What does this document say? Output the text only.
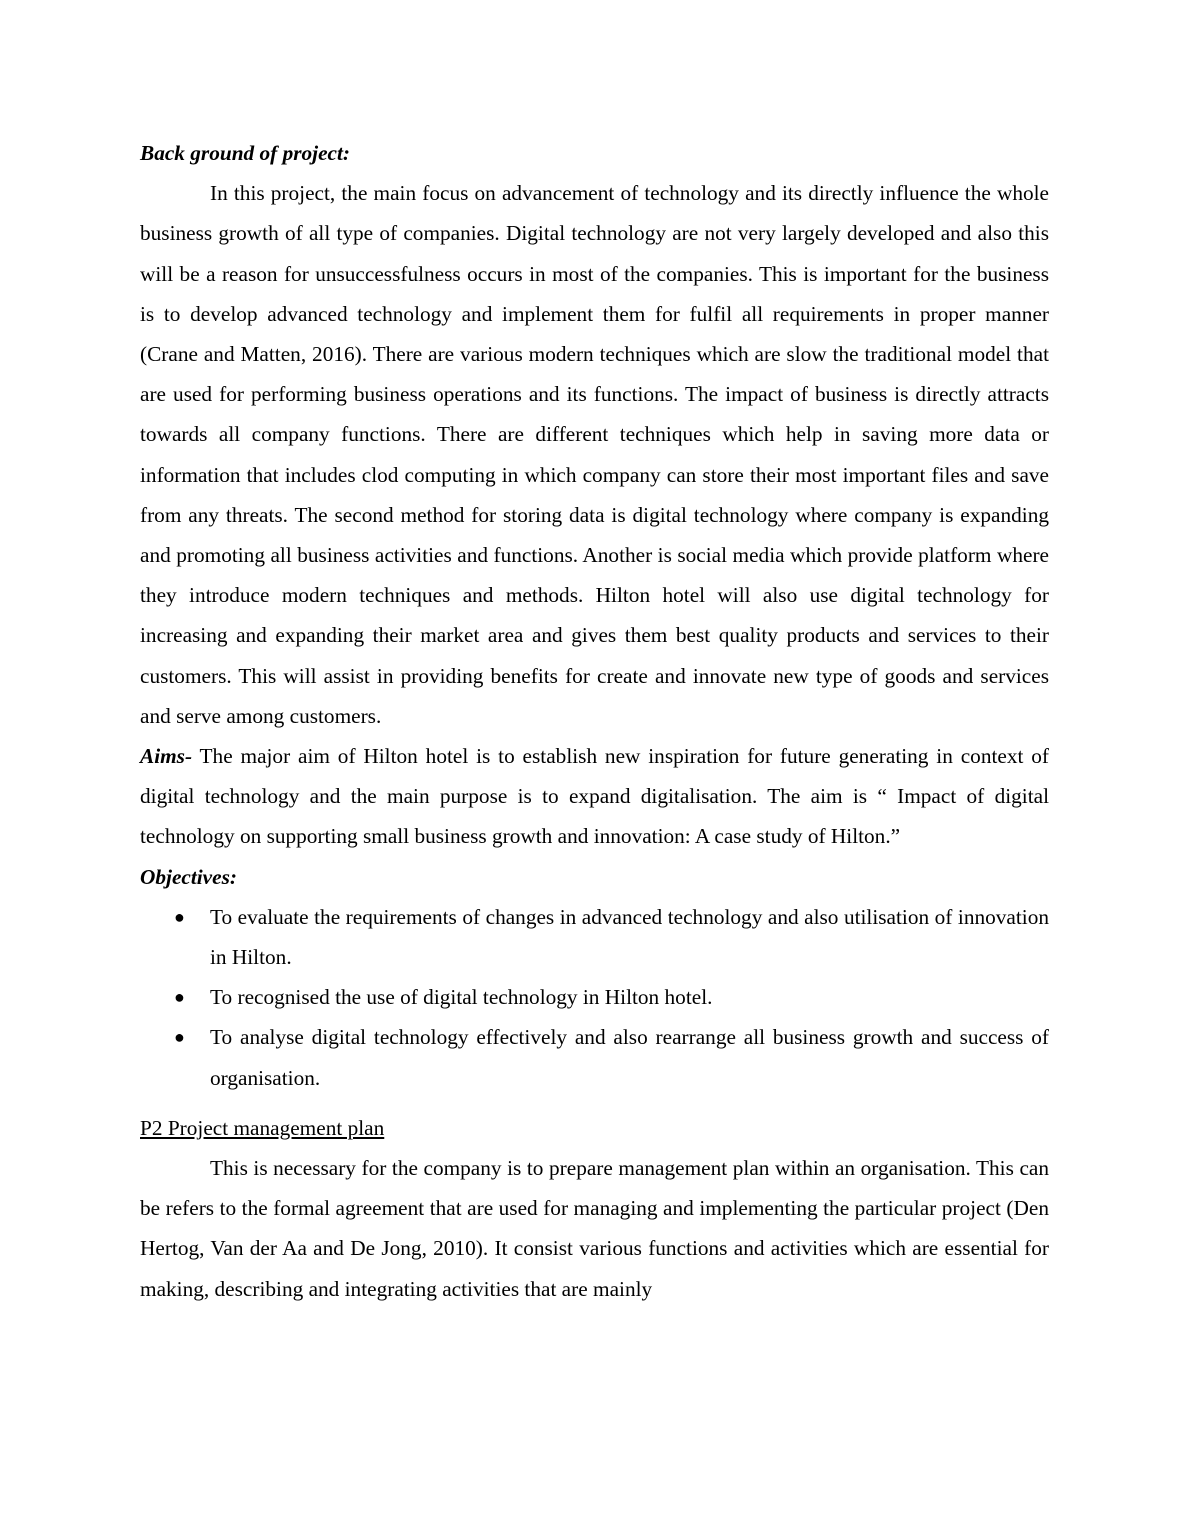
Back ground of project:

In this project, the main focus on advancement of technology and its directly influence the whole business growth of all type of companies. Digital technology are not very largely developed and also this will be a reason for unsuccessfulness occurs in most of the companies. This is important for the business is to develop advanced technology and implement them for fulfil all requirements in proper manner (Crane and Matten, 2016). There are various modern techniques which are slow the traditional model that are used for performing business operations and its functions. The impact of business is directly attracts towards all company functions. There are different techniques which help in saving more data or information that includes clod computing in which company can store their most important files and save from any threats. The second method for storing data is digital technology where company is expanding and promoting all business activities and functions. Another is social media which provide platform where they introduce modern techniques and methods. Hilton hotel will also use digital technology for increasing and expanding their market area and gives them best quality products and services to their customers. This will assist in providing benefits for create and innovate new type of goods and services and serve among customers.

Aims- The major aim of Hilton hotel is to establish new inspiration for future generating in context of digital technology and the main purpose is to expand digitalisation. The aim is “ Impact of digital technology on supporting small business growth and innovation: A case study of Hilton.”

Objectives:

● To evaluate the requirements of changes in advanced technology and also utilisation of innovation in Hilton.
● To recognised the use of digital technology in Hilton hotel.
● To analyse digital technology effectively and also rearrange all business growth and success of organisation.

P2 Project management plan

This is necessary for the company is to prepare management plan within an organisation. This can be refers to the formal agreement that are used for managing and implementing the particular project (Den Hertog, Van der Aa and De Jong, 2010). It consist various functions and activities which are essential for making, describing and integrating activities that are mainly
